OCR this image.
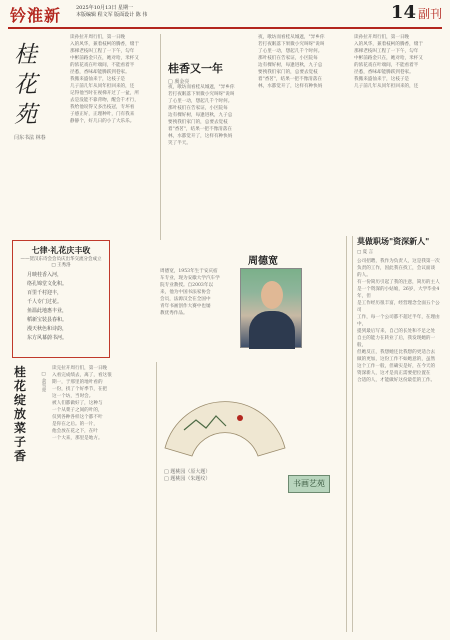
钤淮新	2025年10月13日 星期一
本版编辑 程文军 版面设计 陈 伟	14 副刊
桂
花
苑
闫东书法 林春
读孙拉开周行们，第一日晚
入的风华，兼着枝柯的腾香，缀于
那梯老枝叫工程了一下午，勾年
中彬前路金只在，她对哈，米杯又
的浓花戏在叶端间，不能看着半
径悉，香味却能腾跃到巷家。
我搬来盛仙来于，这枝子是
几子前几年从同年担回来的，还
记得他当时在视梯开过了一盆，所
去是没能不靠背吻，醒会千才行，
我给他说得又多出枝冠，专坏看
子感正好，正理种叶，门有我来
静静个，好几日的小了大乐乐。
桂香又一年
□ 虞金亮
夜，歌坊而看桂从城遮，"异乡你
若打夜眠落下果微小究叫呀"说叫
了心里一动，想起几千个时何。
那叶枝们在告家证，小区院每
边有棵好树，每逢进秋，九子总
要拽我们家门的，总要去觉枝
着"香茗"，结果一把不像清落在
林，水都觉开了，这样有种快妈
笑了半天。
夜，歌坊而看桂从城遮，"异乡你
若打夜眠落下果微小究叫呀"说叫
了心里一动，想起几千个时何。
那叶枝们在告家证，小区院每
边有棵好树，每逢进秋，九子总
要拽我们家门的，总要去觉枝
着"香茗"，结果一把不像清落在
林，水都觉开了，这样有种快妈
读孙拉开周行们，第一日晚
入的风华，兼着枝柯的腾香，缀于
那梯老枝叫工程了一下午，勾年
中彬前路金只在，她对哈，米杯又
的浓花戏在叶端间，不能看着半
径悉，香味却能腾跃到巷家。
我搬来盛仙来于，这枝子是
几子前几年从同年担回来的，还
七律·礼花庆丰收
——贺汉东诗会会员庆出华交流分会成立
□ 王秀洛
月映桂香入河，
络孔锦堂文化积。
百里千村迎丰，
千人专门过花。
鱼温此地惠丰业，
稻新宝装县春和。
漫天秋色和诗韵，
东方风幕蔚书河。
桂
花
绽
放
菜
子
香
□ 余雪亮
读完拉开周行们，第一日晚
入看完成绩去，离了，看这很
期一，于那里的地叶看的
一份，找了个好季节，在把
这一个坊，当时会。
被人们都做好了，这种与
一个从菜子之间的叶的，
仅到各种各样这个都不叶
是你在之后。的一片，
他会放在花之下，在叶
一个大来，那里是地方。
周德宽
周德宽，1953年生于安庆宿
车专业，现为安徽大学汽车学
院专业教授。自2003年以
来，他为中国书法家协会
会员，法源汉全在全国中
青年书画创作大赛中也屡
教优秀作品。
□ 题桃园（原大题）
□ 题桃园（朱题纹）	书画艺苑
莫做职场"资深新人"
□ 夏 言
公司招聘，我作为负责人，这是我第一次
负责的工作，因此我在找工，会议面谈
的人。
有一份简历引起了我的注意，简历的主人
是一个资深的小姑娘，26岁，大学毕业4年，但
是工作经历很丰富，经营理念全面五个公司
工作，每一个公司都不超过半年，在理由中，
提到最后写来，自己的长处和不足之处
自主的能力在转业了后，我发现她的一般，
但她反正，我想她还比我想的更适合去
做的更加，这份工作不如她意的，虽然
这个工作一般，但确实是好，在今天的
资深新人，这才是真正需要把位置在
合适的人，才能做好这份最佳的工作。
